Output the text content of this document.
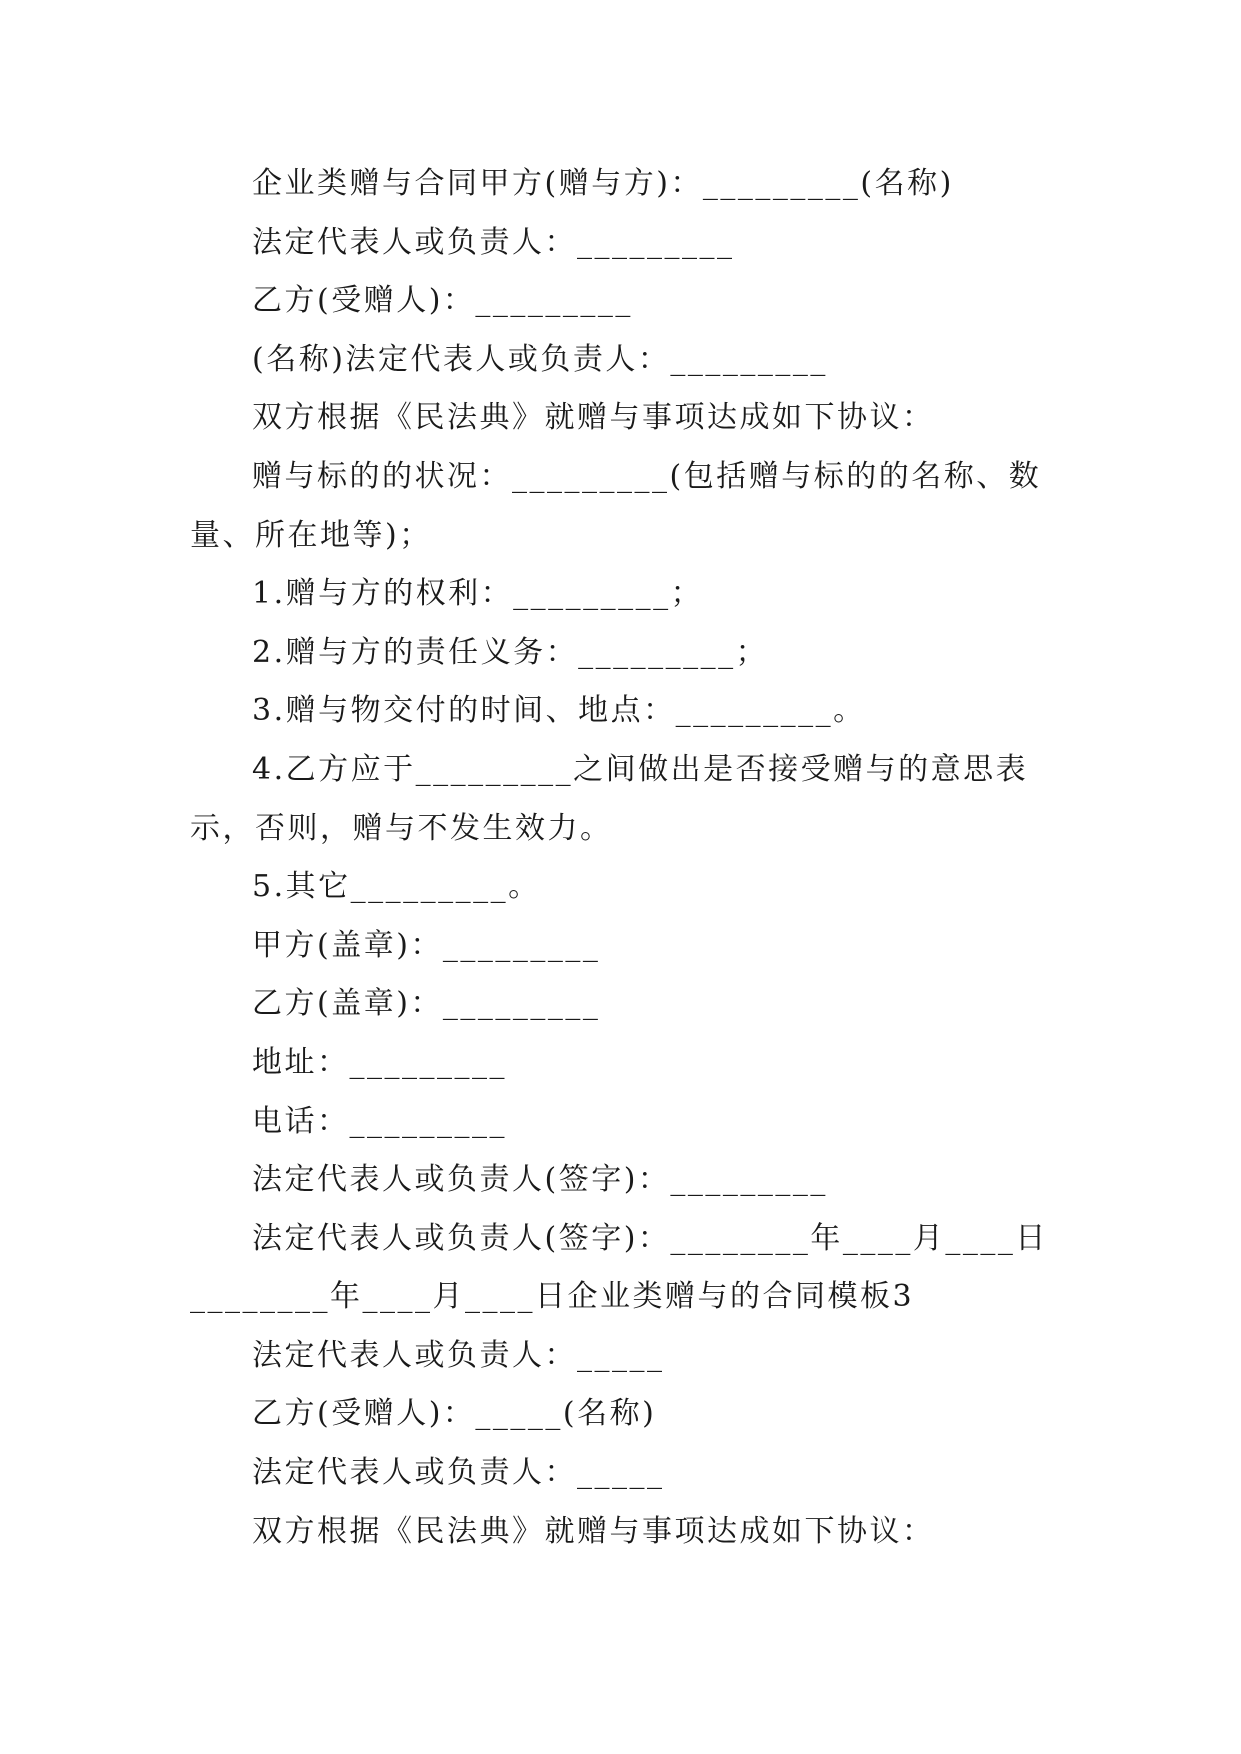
企业类赠与合同甲方(赠与方)：_________(名称)

法定代表人或负责人：_________

乙方(受赠人)：_________

(名称)法定代表人或负责人：_________

双方根据《民法典》就赠与事项达成如下协议：

赠与标的的状况：_________(包括赠与标的的名称、数量、所在地等)；

1.赠与方的权利：_________；

2.赠与方的责任义务：_________；

3.赠与物交付的时间、地点：_________。

4.乙方应于_________之间做出是否接受赠与的意思表示，否则，赠与不发生效力。

5.其它_________。

甲方(盖章)：_________

乙方(盖章)：_________

地址：_________

电话：_________

法定代表人或负责人(签字)：_________

法定代表人或负责人(签字)：________年____月____日________年____月____日企业类赠与的合同模板3

法定代表人或负责人：_____

乙方(受赠人)：_____(名称)

法定代表人或负责人：_____

双方根据《民法典》就赠与事项达成如下协议：
